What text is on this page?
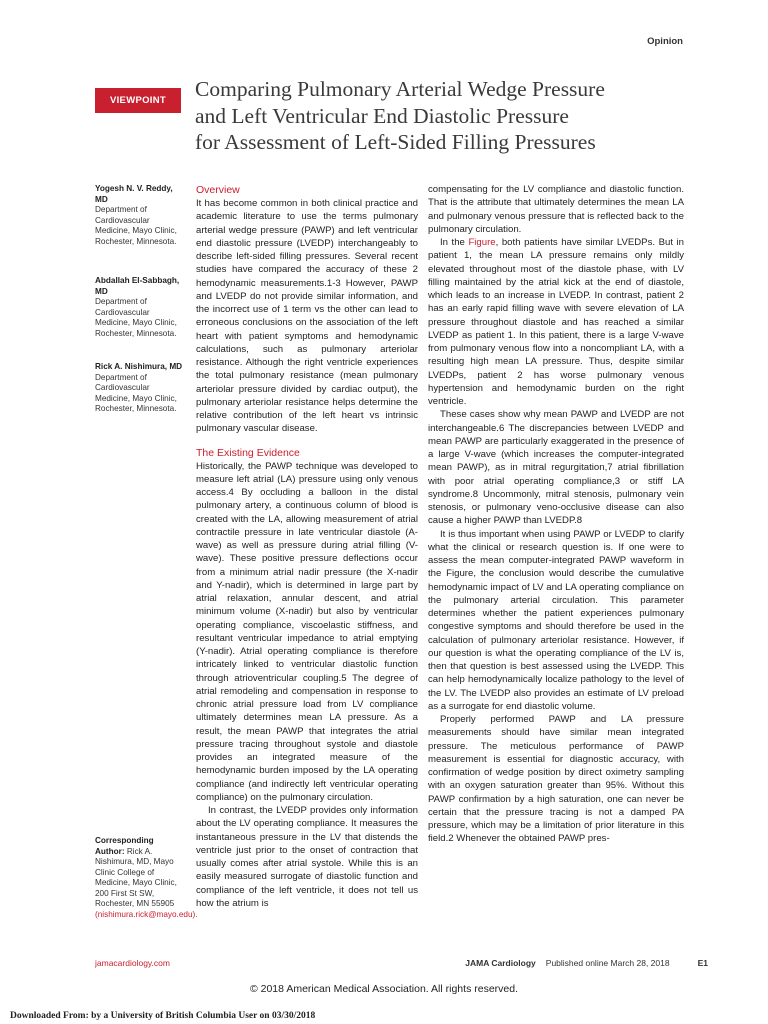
Opinion
VIEWPOINT	Comparing Pulmonary Arterial Wedge Pressure
and Left Ventricular End Diastolic Pressure
for Assessment of Left-Sided Filling Pressures
Yogesh N. V. Reddy, MD
Department of Cardiovascular Medicine, Mayo Clinic, Rochester, Minnesota.
Abdallah El-Sabbagh, MD
Department of Cardiovascular Medicine, Mayo Clinic, Rochester, Minnesota.
Rick A. Nishimura, MD
Department of Cardiovascular Medicine, Mayo Clinic, Rochester, Minnesota.
Corresponding Author: Rick A. Nishimura, MD, Mayo Clinic College of Medicine, Mayo Clinic, 200 First St SW, Rochester, MN 55905 (nishimura.rick@mayo.edu).
Overview

It has become common in both clinical practice and academic literature to use the terms pulmonary arterial wedge pressure (PAWP) and left ventricular end diastolic pressure (LVEDP) interchangeably to describe left-sided filling pressures. Several recent studies have compared the accuracy of these 2 hemodynamic measurements.1-3 However, PAWP and LVEDP do not provide similar information, and the incorrect use of 1 term vs the other can lead to erroneous conclusions on the association of the left heart with patient symptoms and hemodynamic calculations, such as pulmonary arteriolar resistance. Although the right ventricle experiences the total pulmonary resistance (mean pulmonary arteriolar pressure divided by cardiac output), the pulmonary arteriolar resistance helps determine the relative contribution of the left heart vs intrinsic pulmonary vascular disease.

The Existing Evidence

Historically, the PAWP technique was developed to measure left atrial (LA) pressure using only venous access.4 By occluding a balloon in the distal pulmonary artery, a continuous column of blood is created with the LA, allowing measurement of atrial contractile pressure in late ventricular diastole (A-wave) as well as pressure during atrial filling (V-wave). These positive pressure deflections occur from a minimum atrial nadir pressure (the X-nadir and Y-nadir), which is determined in large part by atrial relaxation, annular descent, and atrial minimum volume (X-nadir) but also by ventricular operating compliance, viscoelastic stiffness, and resultant ventricular impedance to atrial emptying (Y-nadir). Atrial operating compliance is therefore intricately linked to ventricular diastolic function through atrioventricular coupling.5 The degree of atrial remodeling and compensation in response to chronic atrial pressure load from LV compliance ultimately determines mean LA pressure. As a result, the mean PAWP that integrates the atrial pressure tracing throughout systole and diastole provides an integrated measure of the hemodynamic burden imposed by the LA operating compliance (and indirectly left ventricular operating compliance) on the pulmonary circulation.

In contrast, the LVEDP provides only information about the LV operating compliance. It measures the instantaneous pressure in the LV that distends the ventricle just prior to the onset of contraction that usually comes after atrial systole. While this is an easily measured surrogate of diastolic function and compliance of the left ventricle, it does not tell us how the atrium is

compensating for the LV compliance and diastolic function. That is the attribute that ultimately determines the mean LA and pulmonary venous pressure that is reflected back to the pulmonary circulation.

In the Figure, both patients have similar LVEDPs. But in patient 1, the mean LA pressure remains only mildly elevated throughout most of the diastole phase, with LV filling maintained by the atrial kick at the end of diastole, which leads to an increase in LVEDP. In contrast, patient 2 has an early rapid filling wave with severe elevation of LA pressure throughout diastole and has reached a similar LVEDP as patient 1. In this patient, there is a large V-wave from pulmonary venous flow into a noncompliant LA, with a resulting high mean LA pressure. Thus, despite similar LVEDPs, patient 2 has worse pulmonary venous hypertension and hemodynamic burden on the right ventricle.

These cases show why mean PAWP and LVEDP are not interchangeable.6 The discrepancies between LVEDP and mean PAWP are particularly exaggerated in the presence of a large V-wave (which increases the computer-integrated mean PAWP), as in mitral regurgitation,7 atrial fibrillation with poor atrial operating compliance,3 or stiff LA syndrome.8 Uncommonly, mitral stenosis, pulmonary vein stenosis, or pulmonary veno-occlusive disease can also cause a higher PAWP than LVEDP.8

It is thus important when using PAWP or LVEDP to clarify what the clinical or research question is. If one were to assess the mean computer-integrated PAWP waveform in the Figure, the conclusion would describe the cumulative hemodynamic impact of LV and LA operating compliance on the pulmonary arterial circulation. This parameter determines whether the patient experiences pulmonary congestive symptoms and should therefore be used in the calculation of pulmonary arteriolar resistance. However, if our question is what the operating compliance of the LV is, then that question is best assessed using the LVEDP. This can help hemodynamically localize pathology to the level of the LV. The LVEDP also provides an estimate of LV preload as a surrogate for end diastolic volume.

Properly performed PAWP and LA pressure measurements should have similar mean integrated pressure. The meticulous performance of PAWP measurement is essential for diagnostic accuracy, with confirmation of wedge position by direct oximetry sampling with an oxygen saturation greater than 95%. Without this PAWP confirmation by a high saturation, one can never be certain that the pressure tracing is not a damped PA pressure, which may be a limitation of prior literature in this field.2 Whenever the obtained PAWP pres-

jamacardiology.com	JAMA Cardiology Published online March 28, 2018	E1
© 2018 American Medical Association. All rights reserved.
Downloaded From: by a University of British Columbia User on 03/30/2018
